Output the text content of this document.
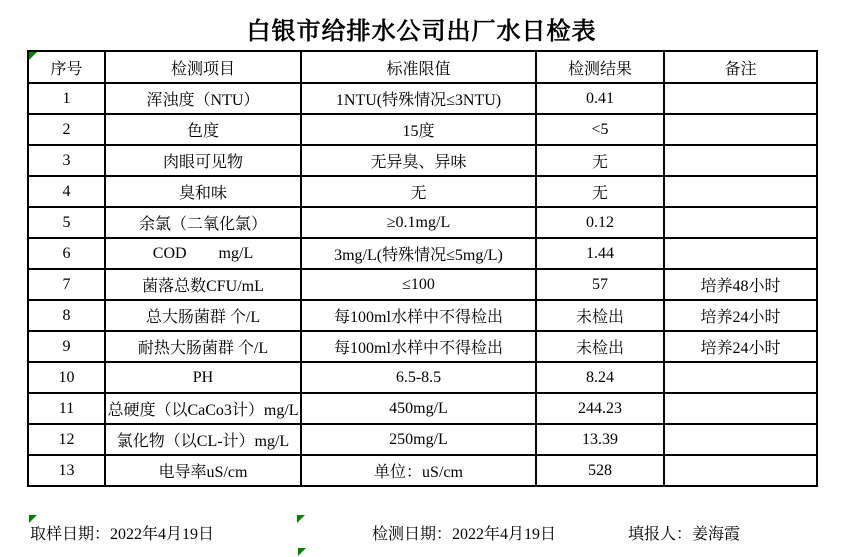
白银市给排水公司出厂水日检表
序号	检测项目	标准限值	检测结果	备注
1	浑浊度（NTU）	1NTU(特殊情况≤3NTU)	0.41	
2	色度	15度	<5	
3	肉眼可见物	无异臭、异味	无	
4	臭和味	无	无	
5	余氯（二氧化氯）	≥0.1mg/L	0.12	
6	COD        mg/L	3mg/L(特殊情况≤5mg/L)	1.44	
7	菌落总数CFU/mL	≤100	57	培养48小时
8	总大肠菌群 个/L	每100ml水样中不得检出	未检出	培养24小时
9	耐热大肠菌群 个/L	每100ml水样中不得检出	未检出	培养24小时
10	PH	6.5-8.5	8.24	
11	总硬度（以CaCo3计）mg/L	450mg/L	244.23	
12	氯化物（以CL-计）mg/L	250mg/L	13.39	
13	电导率uS/cm	单位：uS/cm	528	
取样日期：2022年4月19日	检测日期：2022年4月19日	填报人：姜海霞
